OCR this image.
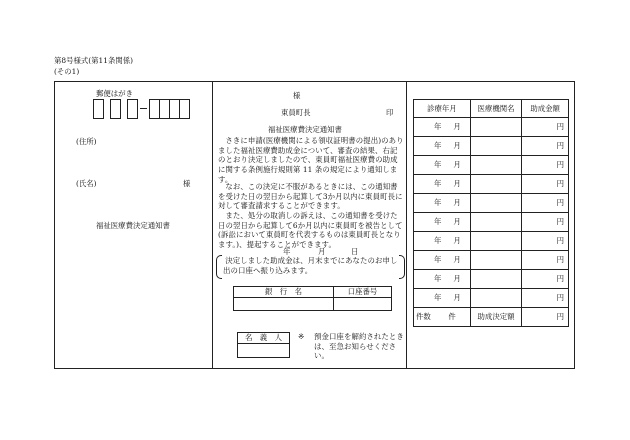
第8号様式(第11条関係)
(その1)
郵便はがき
(住所)
(氏名)	様
福祉医療費決定通知書
様
東員町長	印
福祉医療費決定通知書
さきに申請(医療機関による領収証明書の提出)のありました福祉医療費助成金について、審査の結果、右記のとおり決定しましたので、東員町福祉医療費の助成に関する条例施行規則第 11 条の規定により通知します。
なお、この決定に不服があるときには、この通知書を受けた日の翌日から起算して3か月以内に東員町長に対して審査請求することができます。
また、処分の取消しの訴えは、この通知書を受けた日の翌日から起算して6か月以内に東員町を被告として(訴訟において東員町を代表するものは東員町長となります。)、提起することができます。
年	月	日
決定しました助成金は、月末までにあなたのお申し出の口座へ振り込みます。
銀　行　名	口座番号
名　義　人	※ 預金口座を解約されたときは、至急お知らせください。
診療年月	医療機関名	助成金額
年 月		円
年 月		円
年 月		円
年 月		円
年 月		円
年 月		円
年 月		円
年 月		円
年 月		円
年 月		円
件数 件	助成決定額	円
